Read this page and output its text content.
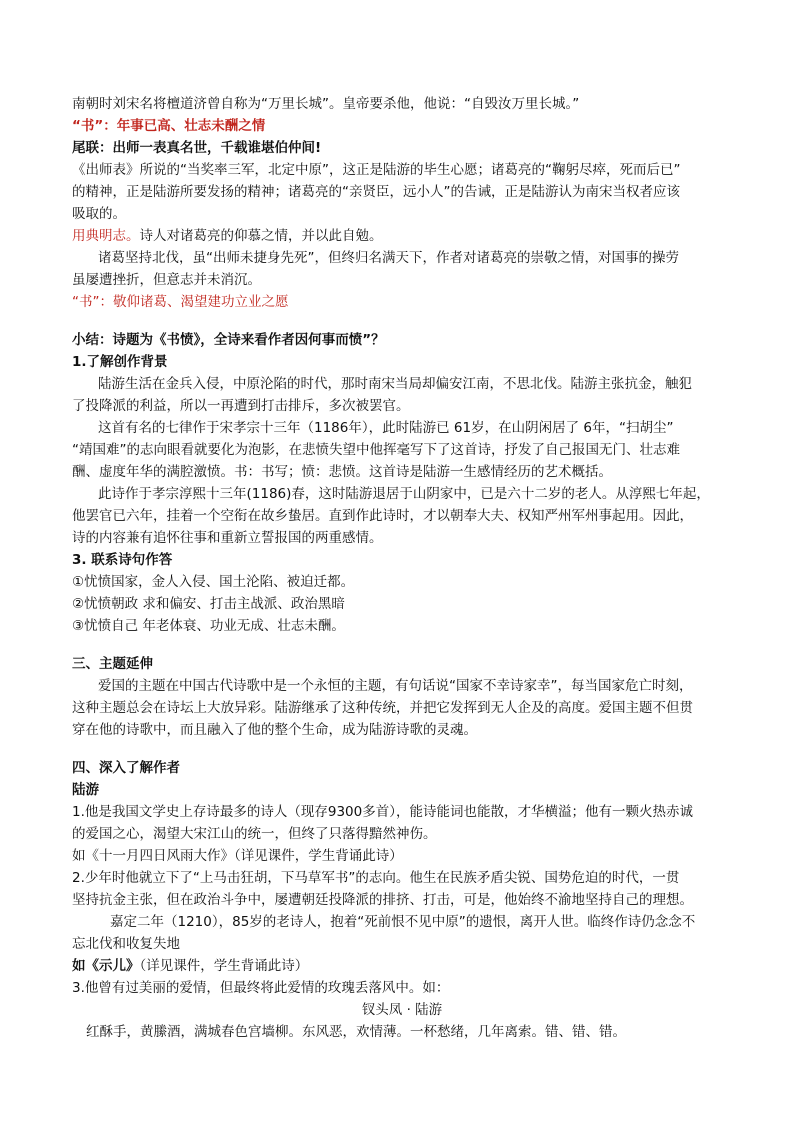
南朝时刘宋名将檀道济曾自称为“万里长城”。皇帝要杀他，他说：“自毁汝万里长城。”
“书”：年事已高、壮志未酬之情
尾联：出师一表真名世，千载谁堪伯仲间!
《出师表》所说的“当奖率三军，北定中原”，这正是陆游的毕生心愿；诸葛亮的“鞠躬尽瘁，死而后已”
的精神，正是陆游所要发扬的精神；诸葛亮的“亲贤臣，远小人”的告诫，正是陆游认为南宋当权者应该
吸取的。
用典明志。诗人对诸葛亮的仰慕之情，并以此自勉。
诸葛坚持北伐，虽“出师未捷身先死”，但终归名满天下，作者对诸葛亮的崇敬之情，对国事的操劳
虽屡遭挫折，但意志并未消沉。
“书”：敬仰诸葛、渴望建功立业之愿
小结：诗题为《书愤》，全诗来看作者因何事而愤”？
1.了解创作背景
陆游生活在金兵入侵，中原沦陷的时代，那时南宋当局却偏安江南，不思北伐。陆游主张抗金，触犯
了投降派的利益，所以一再遭到打击排斥，多次被罢官。
这首有名的七律作于宋孝宗十三年（1186年），此时陆游已 61岁，在山阴闲居了 6年，“扫胡尘”
“靖国难”的志向眼看就要化为泡影，在悲愤失望中他挥毫写下了这首诗，抒发了自己报国无门、壮志难
酬、虚度年华的满腔激愤。书：书写；愤：悲愤。这首诗是陆游一生感情经历的艺术概括。
此诗作于孝宗淳熙十三年(1186)春，这时陆游退居于山阴家中，已是六十二岁的老人。从淳熙七年起，
他罢官已六年，挂着一个空衔在故乡蛰居。直到作此诗时，才以朝奉大夫、权知严州军州事起用。因此，
诗的内容兼有追怀往事和重新立誓报国的两重感情。
3. 联系诗句作答
①忧愤国家，金人入侵、国土沦陷、被迫迁都。
②忧愤朝政 求和偏安、打击主战派、政治黑暗
③忧愤自己 年老体衰、功业无成、壮志未酬。
三、主题延伸
爱国的主题在中国古代诗歌中是一个永恒的主题，有句话说“国家不幸诗家幸”，每当国家危亡时刻，
这种主题总会在诗坛上大放异彩。陆游继承了这种传统，并把它发挥到无人企及的高度。爱国主题不但贯
穿在他的诗歌中，而且融入了他的整个生命，成为陆游诗歌的灵魂。
四、深入了解作者
陆游
1.他是我国文学史上存诗最多的诗人（现存9300多首），能诗能词也能散，才华横溢；他有一颗火热赤诚
的爱国之心，渴望大宋江山的统一，但终了只落得黯然神伤。
如《十一月四日风雨大作》（详见课件，学生背诵此诗）
2.少年时他就立下了“上马击狂胡，下马草军书”的志向。他生在民族矛盾尖锐、国势危迫的时代，一贯
坚持抗金主张，但在政治斗争中，屡遭朝廷投降派的排挤、打击，可是，他始终不渝地坚持自己的理想。
嘉定二年（1210），85岁的老诗人，抱着“死前恨不见中原”的遗恨，离开人世。临终作诗仍念念不
忘北伐和收复失地
如《示儿》（详见课件，学生背诵此诗）
3.他曾有过美丽的爱情，但最终将此爱情的玫瑰丢落风中。如：
钗头凤 · 陆游
红酥手，黄縢酒，满城春色宫墙柳。东风恶，欢情薄。一杯愁绪，几年离索。错、错、错。
